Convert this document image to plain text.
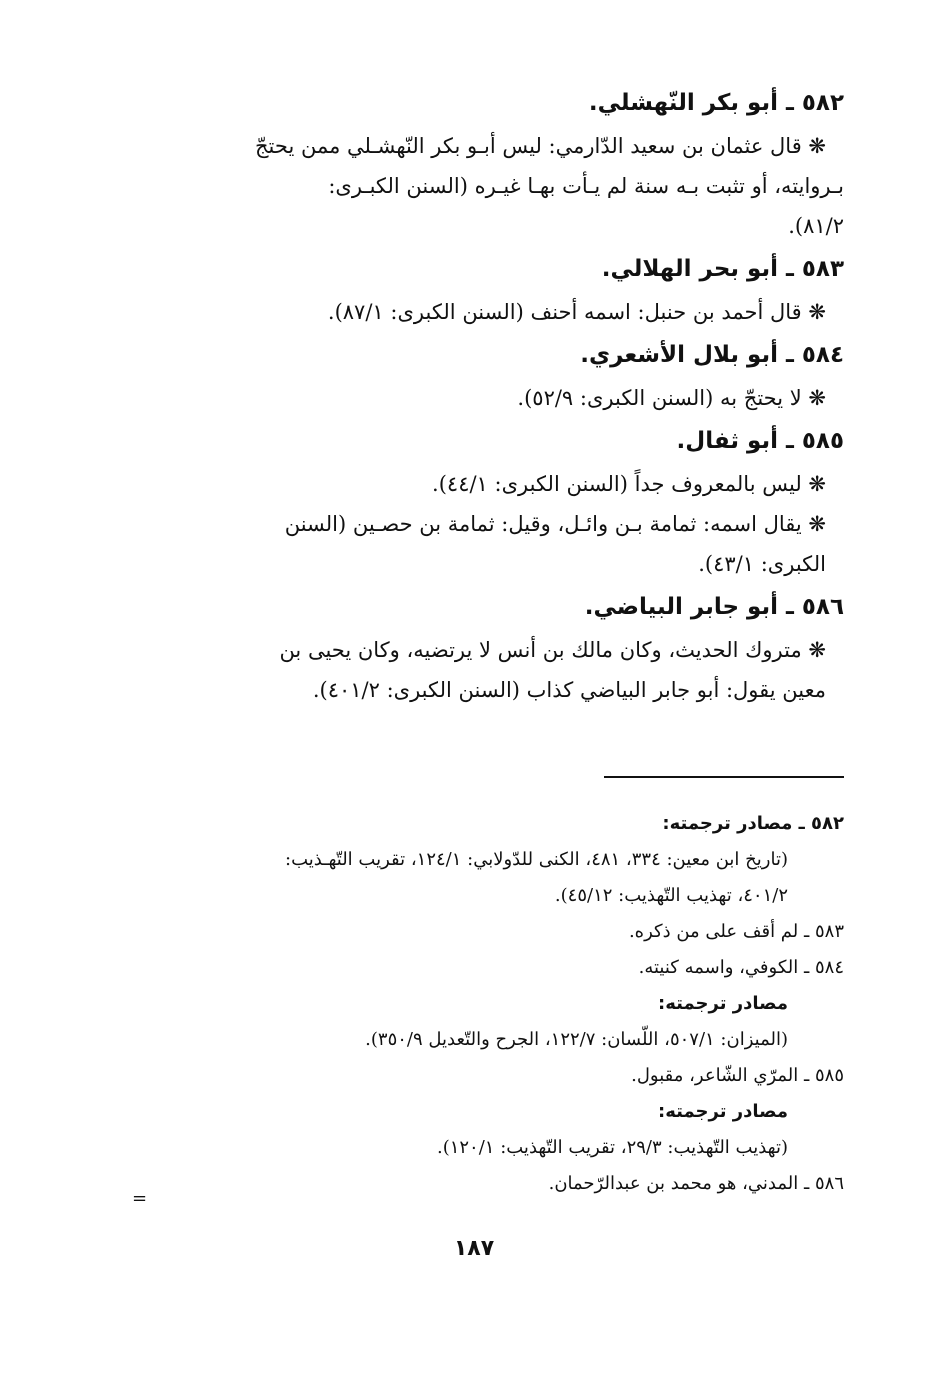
٥٨٢ ـ أبو بكر النّهشلي.
❋ قال عثمان بن سعيد الدّارمي: ليس أبـو بكر النّهشـلي ممن يحتجّ
بـروايته، أو تثبت بـه سنة لم يـأت بهـا غيـره (السنن الكبـرى:
٨١/٢).
٥٨٣ ـ أبو بحر الهلالي.
❋ قال أحمد بن حنبل: اسمه أحنف (السنن الكبرى: ٨٧/١).
٥٨٤ ـ أبو بلال الأشعري.
❋ لا يحتجّ به (السنن الكبرى: ٥٢/٩).
٥٨٥ ـ أبو ثفال.
❋ ليس بالمعروف جداً (السنن الكبرى: ٤٤/١).
❋ يقال اسمه: ثمامة بـن وائـل، وقيل: ثمامة بن حصـين (السنن
الكبرى: ٤٣/١).
٥٨٦ ـ أبو جابر البياضي.
❋ متروك الحديث، وكان مالك بن أنس لا يرتضيه، وكان يحيى بن
معين يقول: أبو جابر البياضي كذاب (السنن الكبرى: ٤٠١/٢).
٥٨٢ ـ مصادر ترجمته:
(تاريخ ابن معين: ٣٣٤، ٤٨١، الكنى للدّولابي: ١٢٤/١، تقريب التّهـذيب:
٤٠١/٢، تهذيب التّهذيب: ٤٥/١٢).
٥٨٣ ـ لم أقف على من ذكره.
٥٨٤ ـ الكوفي، واسمه كنيته.
مصادر ترجمته:
(الميزان: ٥٠٧/١، اللّسان: ١٢٢/٧، الجرح والتّعديل ٣٥٠/٩).
٥٨٥ ـ المرّي الشّاعر، مقبول.
مصادر ترجمته:
(تهذيب التّهذيب: ٢٩/٣، تقريب التّهذيب: ١٢٠/١).
٥٨٦ ـ المدني، هو محمد بن عبدالرّحمان.
=
١٨٧
